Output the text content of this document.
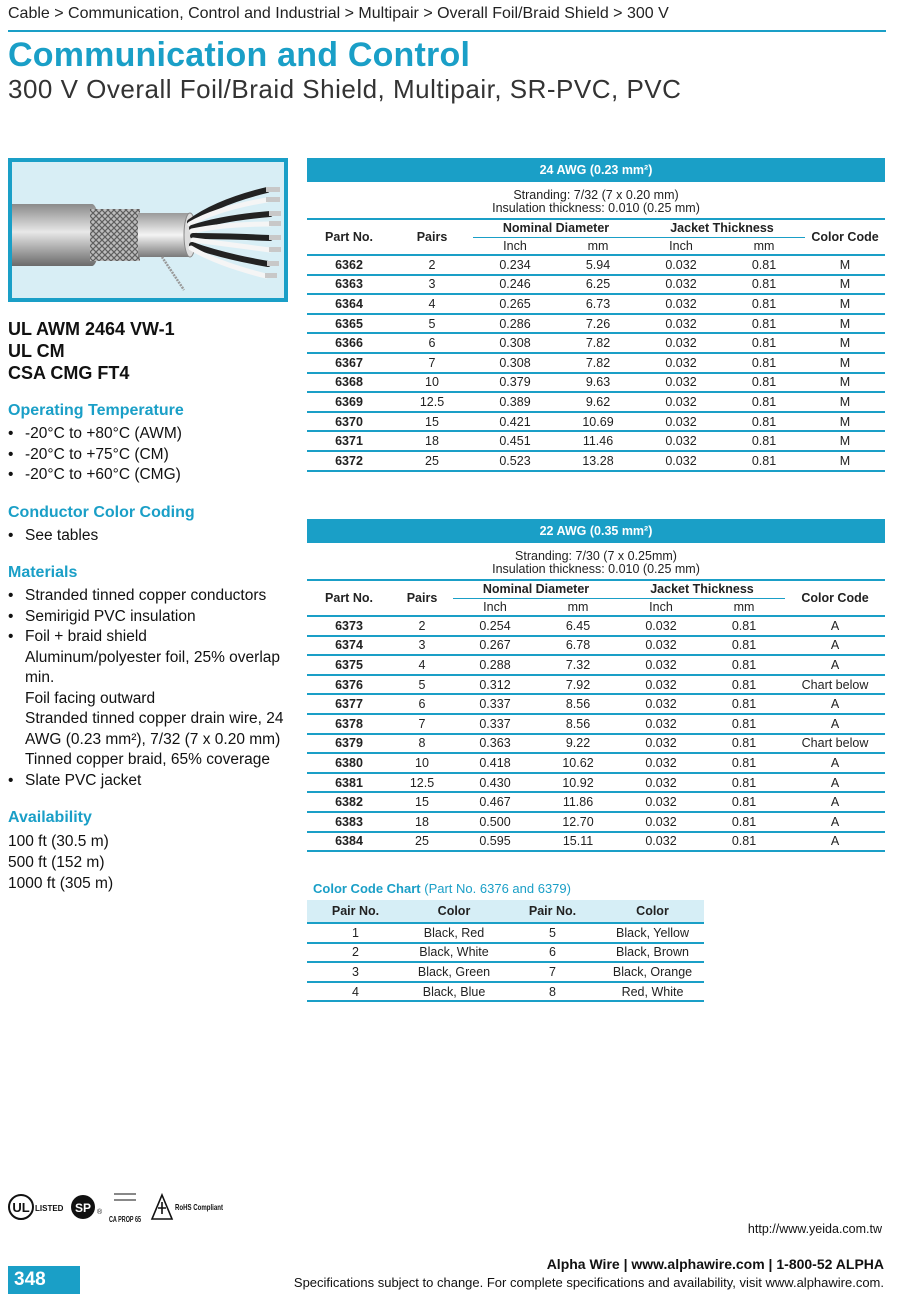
Cable > Communication, Control and Industrial > Multipair > Overall Foil/Braid Shield > 300 V
Communication and Control
300 V Overall Foil/Braid Shield, Multipair, SR-PVC, PVC
UL AWM 2464 VW-1
UL CM
CSA CMG FT4
Operating Temperature
• -20°C to +80°C (AWM)
• -20°C to +75°C (CM)
• -20°C to +60°C (CMG)
Conductor Color Coding
• See tables
Materials
• Stranded tinned copper conductors
• Semirigid PVC insulation
• Foil + braid shield
Aluminum/polyester foil, 25% overlap min.
Foil facing outward
Stranded tinned copper drain wire, 24 AWG (0.23 mm²), 7/32 (7 x 0.20 mm)
Tinned copper braid, 65% coverage
• Slate PVC jacket
Availability
100 ft (30.5 m)
500 ft (152 m)
1000 ft (305 m)
24 AWG (0.23 mm²)						

Stranding: 7/32 (7 x 0.20 mm)
Insulation thickness: 0.010 (0.25 mm)						

Part No.	Pairs	Nominal Diameter		Jacket Thickness		Color Code
		Inch	mm	Inch	mm	
6362	2	0.234	5.94	0.032	0.81	M
6363	3	0.246	6.25	0.032	0.81	M
6364	4	0.265	6.73	0.032	0.81	M
6365	5	0.286	7.26	0.032	0.81	M
6366	6	0.308	7.82	0.032	0.81	M
6367	7	0.308	7.82	0.032	0.81	M
6368	10	0.379	9.63	0.032	0.81	M
6369	12.5	0.389	9.62	0.032	0.81	M
6370	15	0.421	10.69	0.032	0.81	M
6371	18	0.451	11.46	0.032	0.81	M
6372	25	0.523	13.28	0.032	0.81	M
22 AWG (0.35 mm²)						

Stranding: 7/30 (7 x 0.25mm)
Insulation thickness: 0.010 (0.25 mm)						

Part No.	Pairs	Nominal Diameter		Jacket Thickness		Color Code
		Inch	mm	Inch	mm	
6373	2	0.254	6.45	0.032	0.81	A
6374	3	0.267	6.78	0.032	0.81	A
6375	4	0.288	7.32	0.032	0.81	A
6376	5	0.312	7.92	0.032	0.81	Chart below
6377	6	0.337	8.56	0.032	0.81	A
6378	7	0.337	8.56	0.032	0.81	A
6379	8	0.363	9.22	0.032	0.81	Chart below
6380	10	0.418	10.62	0.032	0.81	A
6381	12.5	0.430	10.92	0.032	0.81	A
6382	15	0.467	11.86	0.032	0.81	A
6383	18	0.500	12.70	0.032	0.81	A
6384	25	0.595	15.11	0.032	0.81	A
Color Code Chart (Part No. 6376 and 6379)
Pair No.	Color	Pair No.	Color
1	Black, Red	5	Black, Yellow
2	Black, White	6	Black, Brown
3	Black, Green	7	Black, Orange
4	Black, Blue	8	Red, White
UL LISTED SP ®
CA PROP 65
RoHS Compliant
http://www.yeida.com.tw
Alpha Wire | www.alphawire.com | 1-800-52 ALPHA
Specifications subject to change. For complete specifications and availability, visit www.alphawire.com.
348
